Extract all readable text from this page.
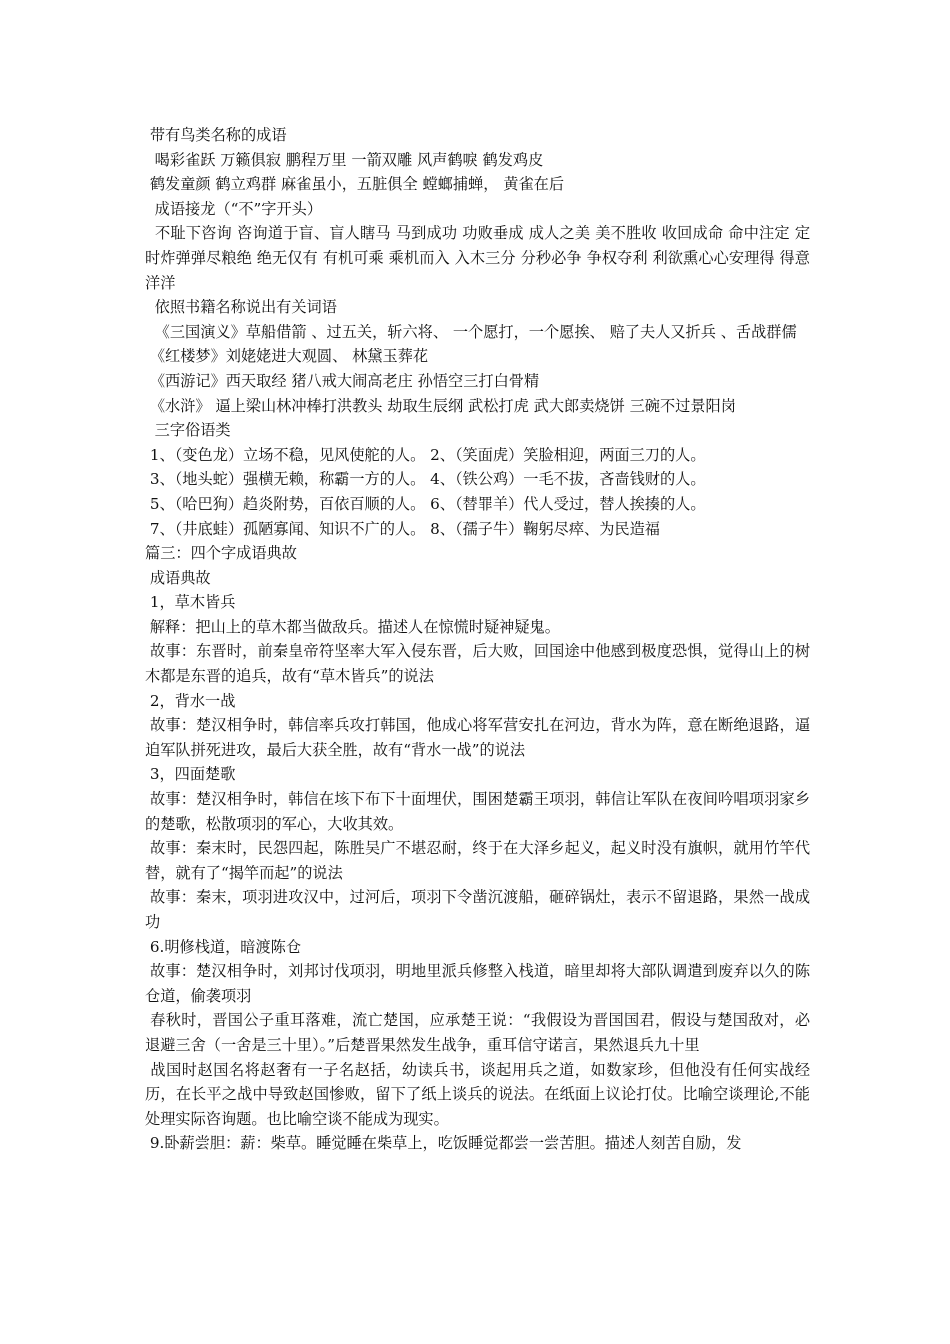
带有鸟类名称的成语

喝彩雀跃 万籁俱寂 鹏程万里 一箭双雕 风声鹤唳 鹤发鸡皮

鹤发童颜 鹤立鸡群 麻雀虽小，五脏俱全 螳螂捕蝉， 黄雀在后

成语接龙（“不”字开头）

不耻下咨询 咨询道于盲、盲人瞎马 马到成功 功败垂成 成人之美 美不胜收 收回成命 命中注定 定时炸弹弹尽粮绝 绝无仅有 有机可乘 乘机而入 入木三分 分秒必争 争权夺利 利欲熏心心安理得 得意洋洋

依照书籍名称说出有关词语

《三国演义》草船借箭 、过五关，斩六将、 一个愿打，一个愿挨、 赔了夫人又折兵 、舌战群儒

《红楼梦》刘姥姥进大观圆、 林黛玉葬花

《西游记》西天取经 猪八戒大闹高老庄 孙悟空三打白骨精

《水浒》 逼上梁山林冲棒打洪教头 劫取生辰纲 武松打虎 武大郎卖烧饼 三碗不过景阳岗

三字俗语类

1、（变色龙）立场不稳，见风使舵的人。 2、（笑面虎）笑脸相迎，两面三刀的人。

3、（地头蛇）强横无赖，称霸一方的人。 4、（铁公鸡）一毛不拔，吝啬钱财的人。

5、（哈巴狗）趋炎附势，百依百顺的人。 6、（替罪羊）代人受过，替人挨揍的人。

7、（井底蛙）孤陋寡闻、知识不广的人。 8、（孺子牛）鞠躬尽瘁、为民造福

篇三：四个字成语典故

成语典故

1，草木皆兵

解释：把山上的草木都当做敌兵。描述人在惊慌时疑神疑鬼。

故事：东晋时，前秦皇帝符坚率大军入侵东晋，后大败，回国途中他感到极度恐惧，觉得山上的树木都是东晋的追兵，故有“草木皆兵”的说法

2，背水一战

故事：楚汉相争时，韩信率兵攻打韩国，他成心将军营安扎在河边，背水为阵，意在断绝退路，逼迫军队拼死进攻，最后大获全胜，故有“背水一战”的说法

3，四面楚歌

故事：楚汉相争时，韩信在垓下布下十面埋伏，围困楚霸王项羽，韩信让军队在夜间吟唱项羽家乡的楚歌，松散项羽的军心，大收其效。

故事：秦末时，民怨四起，陈胜吴广不堪忍耐，终于在大泽乡起义，起义时没有旗帜，就用竹竿代替，就有了“揭竿而起”的说法

故事：秦末，项羽进攻汉中，过河后，项羽下令凿沉渡船，砸碎锅灶，表示不留退路，果然一战成功

6.明修栈道，暗渡陈仓

故事：楚汉相争时，刘邦讨伐项羽，明地里派兵修整入栈道，暗里却将大部队调遣到废弃以久的陈仓道，偷袭项羽

春秋时，晋国公子重耳落难，流亡楚国，应承楚王说：“我假设为晋国国君，假设与楚国敌对，必退避三舍（一舍是三十里）。”后楚晋果然发生战争，重耳信守诺言，果然退兵九十里

战国时赵国名将赵奢有一子名赵括，幼读兵书，谈起用兵之道，如数家珍，但他没有任何实战经历，在长平之战中导致赵国惨败，留下了纸上谈兵的说法。在纸面上议论打仗。比喻空谈理论,不能处理实际咨询题。也比喻空谈不能成为现实。

9.卧薪尝胆：薪：柴草。睡觉睡在柴草上，吃饭睡觉都尝一尝苦胆。描述人刻苦自励，发
